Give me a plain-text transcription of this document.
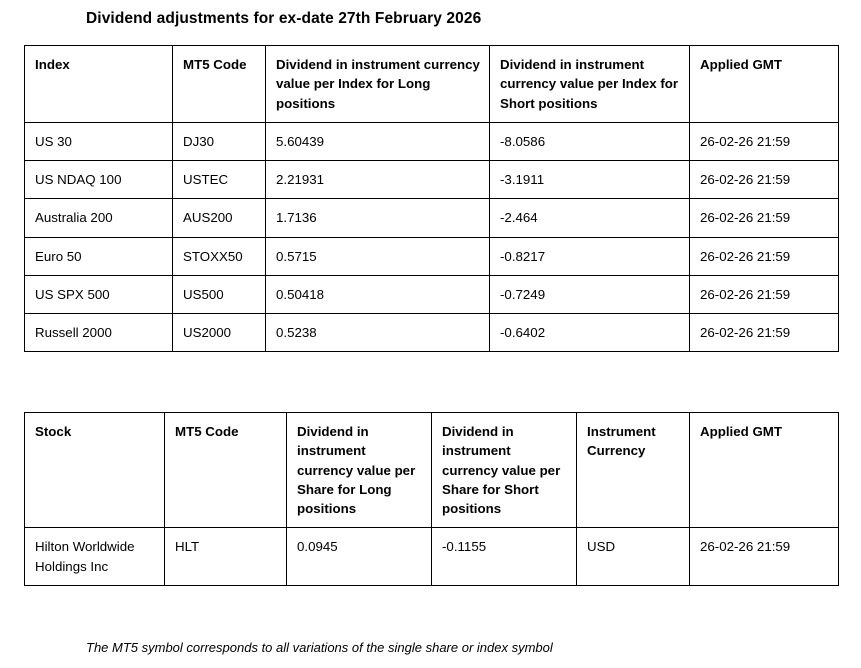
Dividend adjustments for ex-date 27th February 2026
Index	MT5 Code	Dividend in instrument currency value per Index for Long positions	Dividend in instrument currency value per Index for Short positions	Applied GMT
US 30	DJ30	5.60439	-8.0586	26-02-26 21:59
US NDAQ 100	USTEC	2.21931	-3.1911	26-02-26 21:59
Australia 200	AUS200	1.7136	-2.464	26-02-26 21:59
Euro 50	STOXX50	0.5715	-0.8217	26-02-26 21:59
US SPX 500	US500	0.50418	-0.7249	26-02-26 21:59
Russell 2000	US2000	0.5238	-0.6402	26-02-26 21:59
Stock	MT5 Code	Dividend in instrument currency value per Share for Long positions	Dividend in instrument currency value per Share for Short positions	Instrument Currency	Applied GMT
Hilton Worldwide Holdings Inc	HLT	0.0945	-0.1155	USD	26-02-26 21:59
The MT5 symbol corresponds to all variations of the single share or index symbol
